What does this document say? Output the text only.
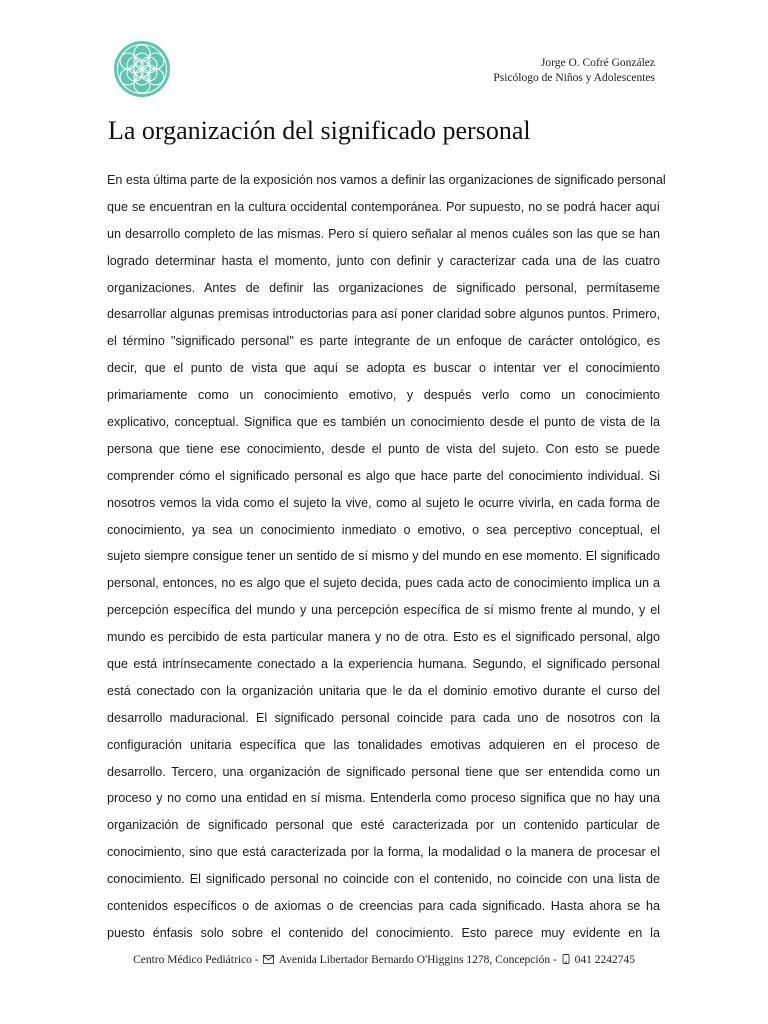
Jorge O. Cofré González
Psicólogo de Niños y Adolescentes
La organización del significado personal
En esta última parte de la exposición nos vamos a definir las organizaciones de significado personal
que se encuentran en la cultura occidental contemporánea. Por supuesto, no se podrá hacer aquí
un desarrollo completo de las mismas. Pero sí quiero señalar al menos cuáles son las que se han
logrado determinar hasta el momento, junto con definir y caracterizar cada una de las cuatro
organizaciones. Antes de definir las organizaciones de significado personal, permítaseme
desarrollar algunas premisas introductorias para así poner claridad sobre algunos puntos. Primero,
el término "significado personal" es parte integrante de un enfoque de carácter ontológico, es
decir, que el punto de vista que aquí se adopta es buscar o intentar ver el conocimiento
primariamente como un conocimiento emotivo, y después verlo como un conocimiento
explicativo, conceptual. Significa que es también un conocimiento desde el punto de vista de la
persona que tiene ese conocimiento, desde el punto de vista del sujeto. Con esto se puede
comprender cómo el significado personal es algo que hace parte del conocimiento individual. Si
nosotros vemos la vida como el sujeto la vive, como al sujeto le ocurre vivirla, en cada forma de
conocimiento, ya sea un conocimiento inmediato o emotivo, o sea perceptivo conceptual, el
sujeto siempre consigue tener un sentido de sí mismo y del mundo en ese momento. El significado
personal, entonces, no es algo que el sujeto decida, pues cada acto de conocimiento implica un a
percepción específica del mundo y una percepción específica de sí mismo frente al mundo, y el
mundo es percibido de esta particular manera y no de otra. Esto es el significado personal, algo
que está intrínsecamente conectado a la experiencia humana. Segundo, el significado personal
está conectado con la organización unitaria que le da el dominio emotivo durante el curso del
desarrollo maduracional. El significado personal coincide para cada uno de nosotros con la
configuración unitaria específica que las tonalidades emotivas adquieren en el proceso de
desarrollo. Tercero, una organización de significado personal tiene que ser entendida como un
proceso y no como una entidad en sí misma. Entenderla como proceso significa que no hay una
organización de significado personal que esté caracterizada por un contenido particular de
conocimiento, sino que está caracterizada por la forma, la modalidad o la manera de procesar el
conocimiento. El significado personal no coincide con el contenido, no coincide con una lista de
contenidos específicos o de axiomas o de creencias para cada significado. Hasta ahora se ha
puesto énfasis solo sobre el contenido del conocimiento. Esto parece muy evidente en la
Centro Médico Pediátrico - Avenida Libertador Bernardo O'Higgins 1278, Concepción - 041 2242745
